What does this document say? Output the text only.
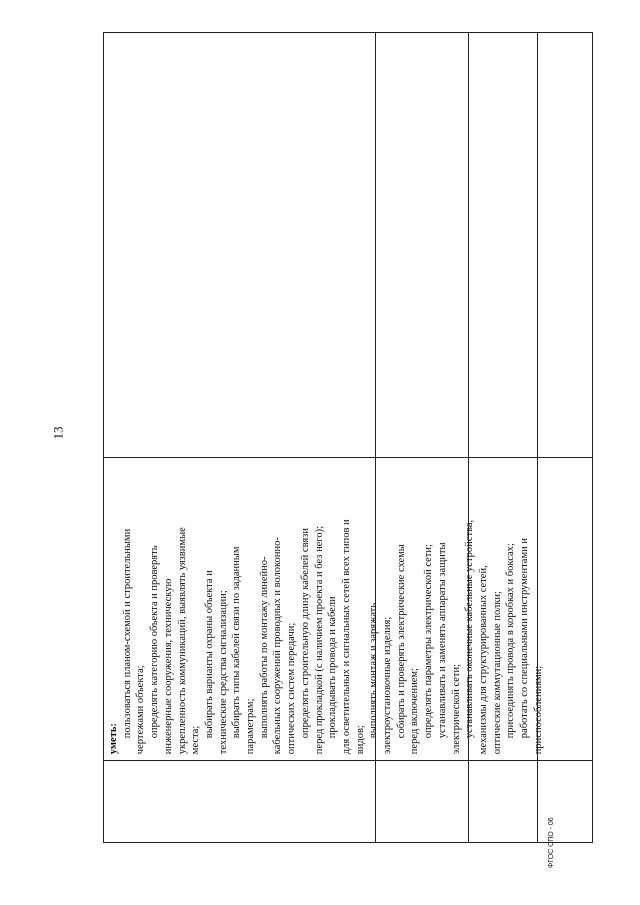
13
уметь:
пользоваться планом-схемой и строительными чертежами объекта; определять категорию объекта и проверять инженерные сооружения, техническую укрепленность коммуникаций, выявлять уязвимые места;
выбирать варианты охраны объекта и технические средства сигнализации; выбирать типы кабелей связи по заданным параметрам; выполнять работы по монтажу линейно- кабельных сооружений проводных и волоконно- оптических систем передачи; определять строительную длину кабелей связи перед прокладкой (с наличием проекта и без него); прокладывать провода и кабели для осветительных и сигнальных сетей всех типов и видов;
выполнять монтаж и заряжать электроустановочные изделия; собирать и проверять электрические схемы перед включением; определять параметры электрической сети; устанавливать и заменять аппараты защиты электрической сети; устанавливать оконечные кабельные устройства, механизмы для структурированных сетей, оптические коммутационные полки; присоединять провода в коробках и боксах; работать со специальными инструментами и приспособлениями;
ФГОС СПО - 06
